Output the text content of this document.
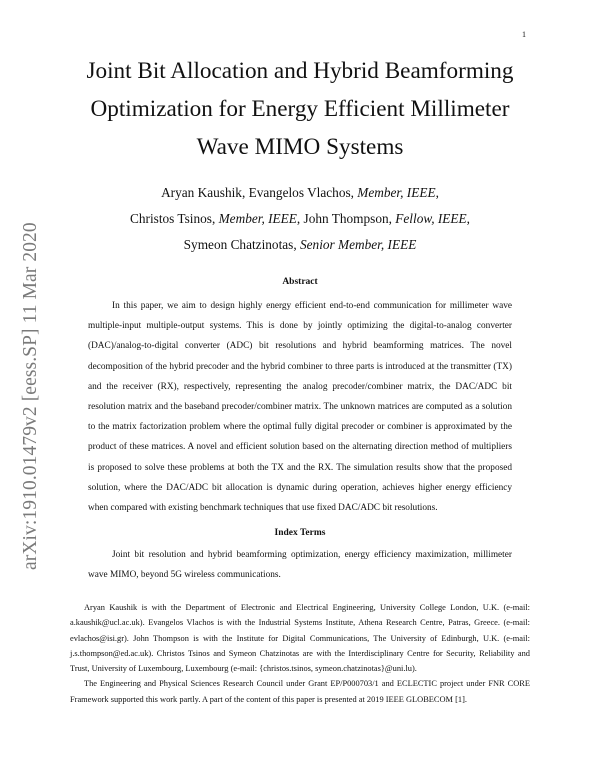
1
arXiv:1910.01479v2 [eess.SP] 11 Mar 2020
Joint Bit Allocation and Hybrid Beamforming
Optimization for Energy Efficient Millimeter
Wave MIMO Systems
Aryan Kaushik, Evangelos Vlachos, Member, IEEE,
Christos Tsinos, Member, IEEE, John Thompson, Fellow, IEEE,
Symeon Chatzinotas, Senior Member, IEEE
Abstract

In this paper, we aim to design highly energy efficient end-to-end communication for millimeter wave multiple-input multiple-output systems. This is done by jointly optimizing the digital-to-analog converter (DAC)/analog-to-digital converter (ADC) bit resolutions and hybrid beamforming matrices. The novel decomposition of the hybrid precoder and the hybrid combiner to three parts is introduced at the transmitter (TX) and the receiver (RX), respectively, representing the analog precoder/combiner matrix, the DAC/ADC bit resolution matrix and the baseband precoder/combiner matrix. The unknown matrices are computed as a solution to the matrix factorization problem where the optimal fully digital precoder or combiner is approximated by the product of these matrices. A novel and efficient solution based on the alternating direction method of multipliers is proposed to solve these problems at both the TX and the RX. The simulation results show that the proposed solution, where the DAC/ADC bit allocation is dynamic during operation, achieves higher energy efficiency when compared with existing benchmark techniques that use fixed DAC/ADC bit resolutions.

Index Terms

Joint bit resolution and hybrid beamforming optimization, energy efficiency maximization, millimeter wave MIMO, beyond 5G wireless communications.

Aryan Kaushik is with the Department of Electronic and Electrical Engineering, University College London, U.K. (e-mail: a.kaushik@ucl.ac.uk). Evangelos Vlachos is with the Industrial Systems Institute, Athena Research Centre, Patras, Greece. (e-mail: evlachos@isi.gr). John Thompson is with the Institute for Digital Communications, The University of Edinburgh, U.K. (e-mail: j.s.thompson@ed.ac.uk). Christos Tsinos and Symeon Chatzinotas are with the Interdisciplinary Centre for Security, Reliability and Trust, University of Luxembourg, Luxembourg (e-mail: {christos.tsinos, symeon.chatzinotas}@uni.lu).

The Engineering and Physical Sciences Research Council under Grant EP/P000703/1 and ECLECTIC project under FNR CORE Framework supported this work partly. A part of the content of this paper is presented at 2019 IEEE GLOBECOM [1].
